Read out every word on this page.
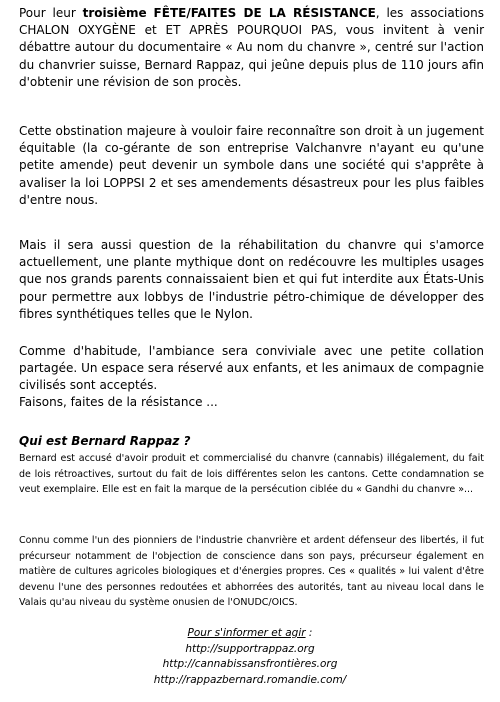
Pour leur troisième FÊTE/FAITES DE LA RÉSISTANCE, les associations CHALON OXYGÈNE et ET APRÈS POURQUOI PAS, vous invitent à venir débattre autour du documentaire « Au nom du chanvre », centré sur l'action du chanvrier suisse, Bernard Rappaz, qui jeûne depuis plus de 110 jours afin d'obtenir une révision de son procès.
Cette obstination majeure à vouloir faire reconnaître son droit à un jugement équitable (la co-gérante de son entreprise Valchanvre n'ayant eu qu'une petite amende) peut devenir un symbole dans une société qui s'apprête à avaliser la loi LOPPSI 2 et ses amendements désastreux pour les plus faibles d'entre nous.
Mais il sera aussi question de la réhabilitation du chanvre qui s'amorce actuellement, une plante mythique dont on redécouvre les multiples usages que nos grands parents connaissaient bien et qui fut interdite aux États-Unis pour permettre aux lobbys de l'industrie pétro-chimique de développer des fibres synthétiques telles que le Nylon.
Comme d'habitude, l'ambiance sera conviviale avec une petite collation partagée. Un espace sera réservé aux enfants, et les animaux de compagnie civilisés sont acceptés.
Faisons, faites de la résistance ...
Qui est Bernard Rappaz ?
Bernard est accusé d'avoir produit et commercialisé du chanvre (cannabis) illégalement, du fait de lois rétroactives, surtout du fait de lois différentes selon les cantons. Cette condamnation se veut exemplaire. Elle est en fait la marque de la persécution ciblée du « Gandhi du chanvre »...
Connu comme l'un des pionniers de l'industrie chanvrière et ardent défenseur des libertés, il fut précurseur notamment de l'objection de conscience dans son pays, précurseur également en matière de cultures agricoles biologiques et d'énergies propres. Ces « qualités » lui valent d'être devenu l'une des personnes redoutées et abhorrées des autorités, tant au niveau local dans le Valais qu'au niveau du système onusien de l'ONUDC/OICS.
Pour s'informer et agir :
http://supportrappaz.org
http://cannabissansfrontières.org
http://rappazbernard.romandie.com/
